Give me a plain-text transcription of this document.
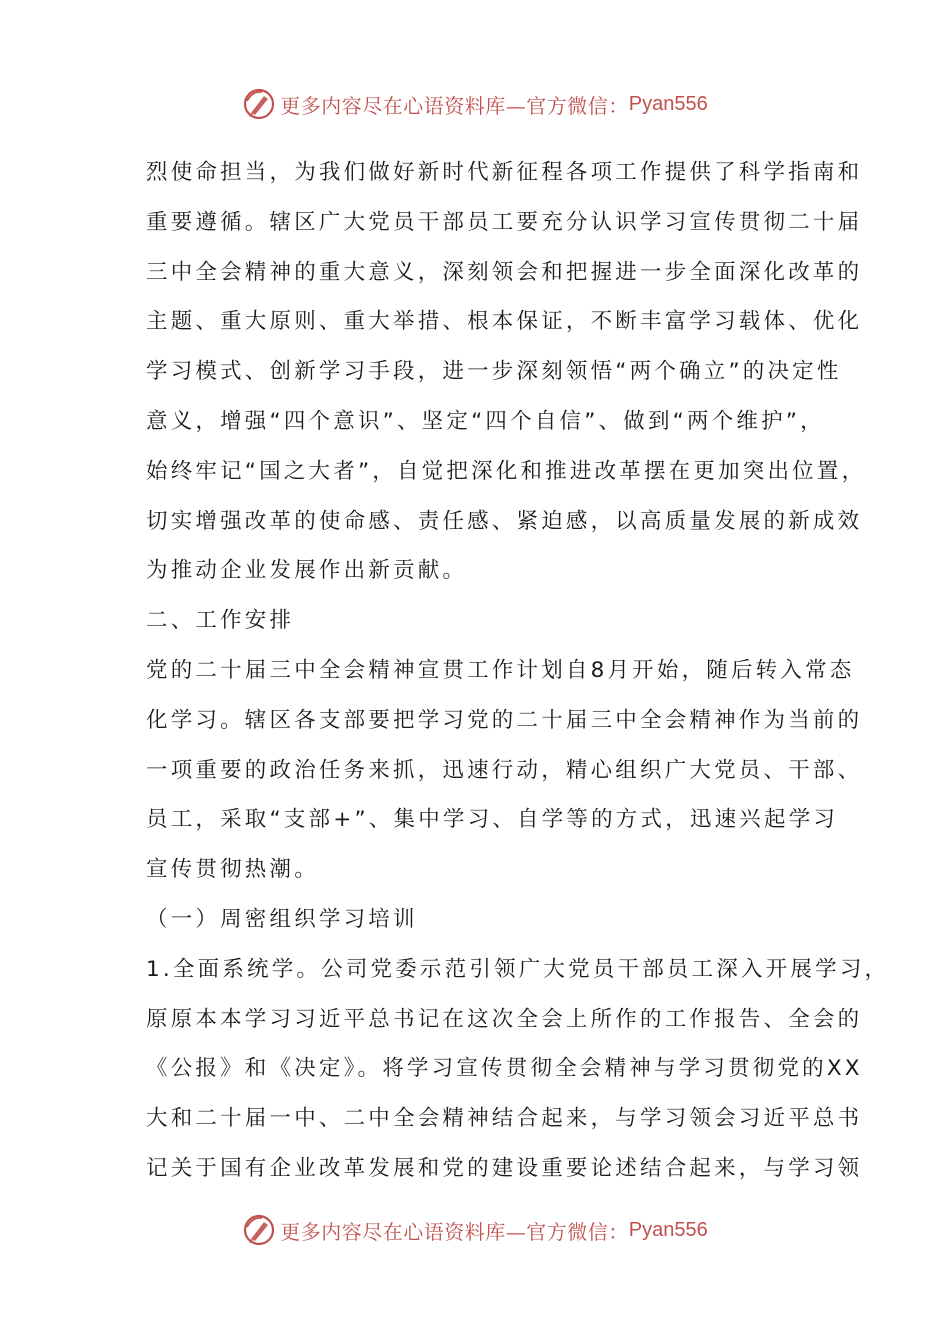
更多内容尽在心语资料库—官方微信： Pyan556
烈使命担当，为我们做好新时代新征程各项工作提供了科学指南和
重要遵循。辖区广大党员干部员工要充分认识学习宣传贯彻二十届
三中全会精神的重大意义，深刻领会和把握进一步全面深化改革的
主题、重大原则、重大举措、根本保证，不断丰富学习载体、优化
学习模式、创新学习手段，进一步深刻领悟“两个确立”的决定性
意义，增强“四个意识”、坚定“四个自信”、做到“两个维护”，
始终牢记“国之大者”，自觉把深化和推进改革摆在更加突出位置，
切实增强改革的使命感、责任感、紧迫感，以高质量发展的新成效
为推动企业发展作出新贡献。
二、工作安排
党的二十届三中全会精神宣贯工作计划自8月开始，随后转入常态
化学习。辖区各支部要把学习党的二十届三中全会精神作为当前的
一项重要的政治任务来抓，迅速行动，精心组织广大党员、干部、
员工，采取“支部+”、集中学习、自学等的方式，迅速兴起学习
宣传贯彻热潮。
（一）周密组织学习培训
1.全面系统学。公司党委示范引领广大党员干部员工深入开展学习，
原原本本学习习近平总书记在这次全会上所作的工作报告、全会的
《公报》和《决定》。将学习宣传贯彻全会精神与学习贯彻党的XX
大和二十届一中、二中全会精神结合起来，与学习领会习近平总书
记关于国有企业改革发展和党的建设重要论述结合起来，与学习领
更多内容尽在心语资料库—官方微信： Pyan556
